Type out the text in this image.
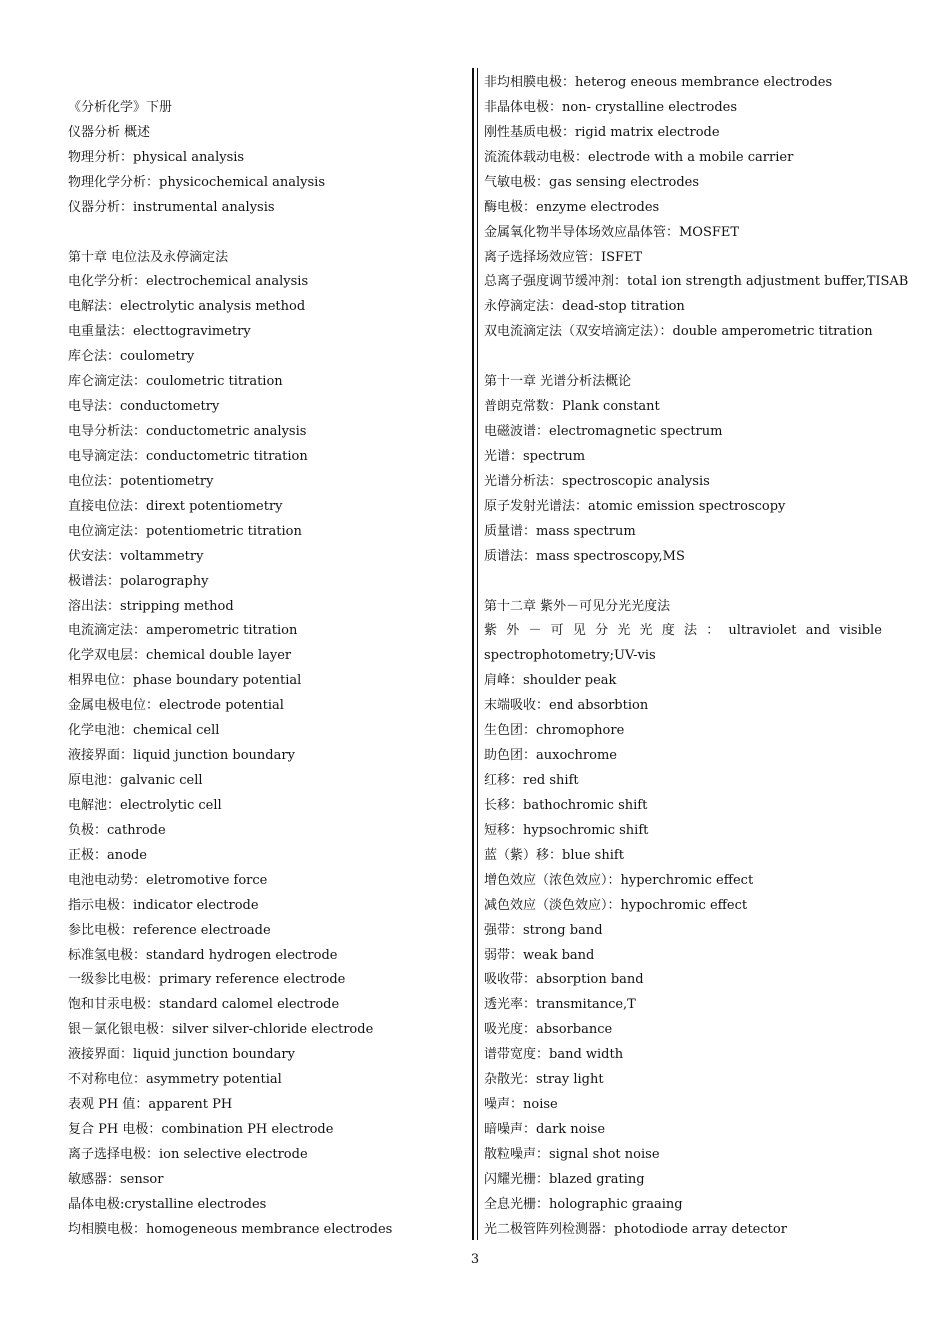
《分析化学》下册
仪器分析 概述
物理分析：physical analysis
物理化学分析：physicochemical analysis
仪器分析：instrumental analysis
第十章 电位法及永停滴定法
电化学分析：electrochemical analysis
电解法：electrolytic analysis method
电重量法：electtogravimetry
库仑法：coulometry
库仑滴定法：coulometric titration
电导法：conductometry
电导分析法：conductometric analysis
电导滴定法：conductometric titration
电位法：potentiometry
直接电位法：dirext potentiometry
电位滴定法：potentiometric titration
伏安法：voltammetry
极谱法：polarography
溶出法：stripping method
电流滴定法：amperometric titration
化学双电层：chemical double layer
相界电位：phase boundary potential
金属电极电位：electrode potential
化学电池：chemical cell
液接界面：liquid junction boundary
原电池：galvanic cell
电解池：electrolytic cell
负极：cathrode
正极：anode
电池电动势：eletromotive force
指示电极：indicator electrode
参比电极：reference electroade
标准氢电极：standard hydrogen electrode
一级参比电极：primary reference electrode
饱和甘汞电极：standard calomel electrode
银－氯化银电极：silver silver-chloride electrode
液接界面：liquid junction boundary
不对称电位：asymmetry potential
表观 PH 值：apparent PH
复合 PH 电极：combination PH electrode
离子选择电极：ion selective electrode
敏感器：sensor
晶体电极:crystalline electrodes
均相膜电极：homogeneous membrance electrodes
非均相膜电极：heterog eneous membrance electrodes
非晶体电极：non- crystalline electrodes
刚性基质电极：rigid matrix electrode
流流体载动电极：electrode with a mobile carrier
气敏电极：gas sensing electrodes
酶电极：enzyme electrodes
金属氧化物半导体场效应晶体管：MOSFET
离子选择场效应管：ISFET
总离子强度调节缓冲剂：total ion strength adjustment buffer,TISAB
永停滴定法：dead-stop titration
双电流滴定法（双安培滴定法）：double amperometric titration
第十一章 光谱分析法概论
普朗克常数：Plank constant
电磁波谱：electromagnetic spectrum
光谱：spectrum
光谱分析法：spectroscopic analysis
原子发射光谱法：atomic emission spectroscopy
质量谱：mass spectrum
质谱法：mass spectroscopy,MS
第十二章 紫外－可见分光光度法
spectrophotometry;UV-vis
肩峰：shoulder peak
末端吸收：end absorbtion
生色团：chromophore
助色团：auxochrome
红移：red shift
长移：bathochromic shift
短移：hypsochromic shift
蓝（紫）移：blue shift
增色效应（浓色效应）：hyperchromic effect
减色效应（淡色效应）：hypochromic effect
强带：strong band
弱带：weak band
吸收带：absorption band
透光率：transmitance,T
吸光度：absorbance
谱带宽度：band width
杂散光：stray light
噪声：noise
暗噪声：dark noise
散粒噪声：signal shot noise
闪耀光栅：blazed grating
全息光栅：holographic graaing
光二极管阵列检测器：photodiode array detector
紫 外 － 可 见 分 光 光 度 法 ： ultraviolet and visible
3
